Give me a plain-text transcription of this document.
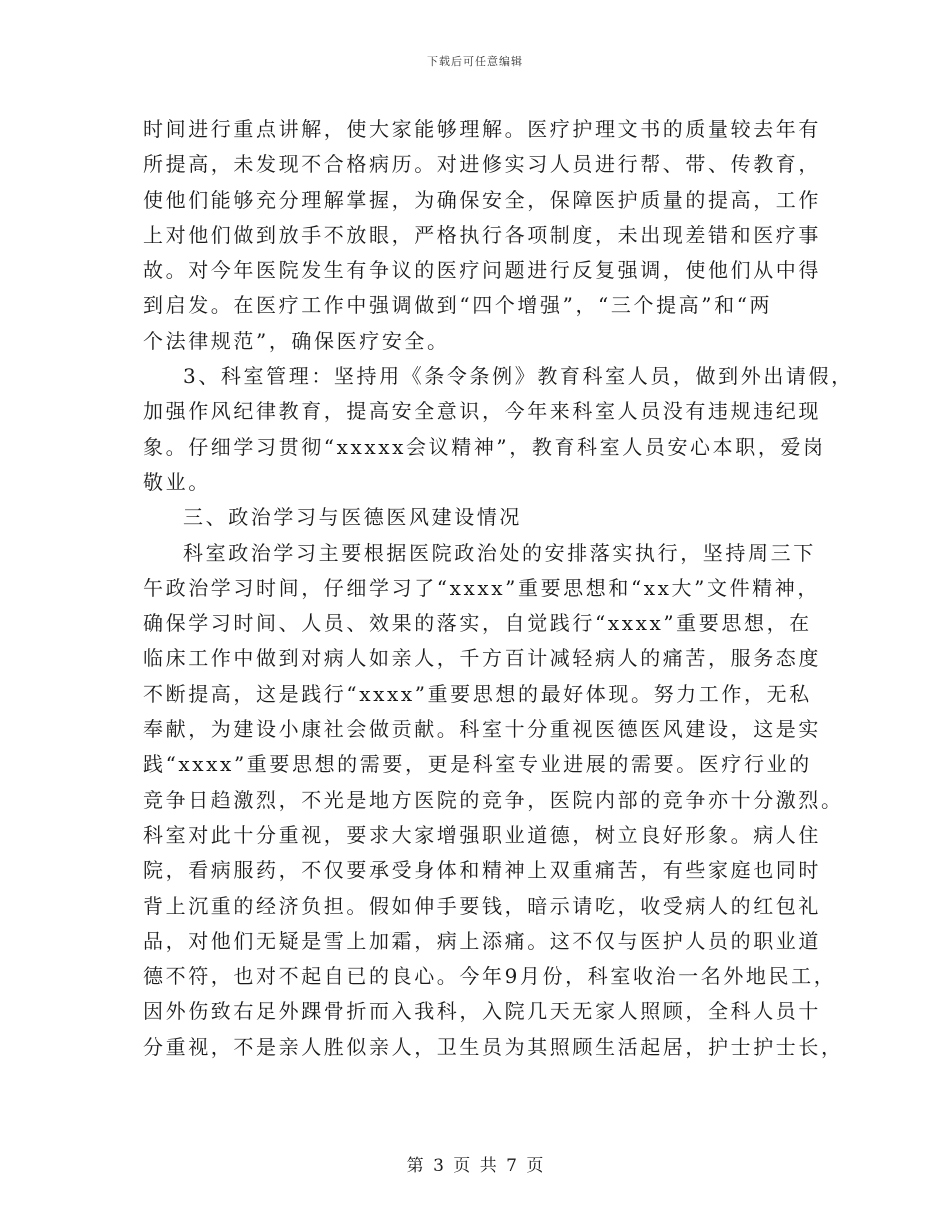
下载后可任意编辑
时间进行重点讲解，使大家能够理解。医疗护理文书的质量较去年有
所提高，未发现不合格病历。对进修实习人员进行帮、带、传教育，
使他们能够充分理解掌握，为确保安全，保障医护质量的提高，工作
上对他们做到放手不放眼，严格执行各项制度，未出现差错和医疗事
故。对今年医院发生有争议的医疗问题进行反复强调，使他们从中得
到启发。在医疗工作中强调做到“四个增强”，“三个提高”和“两
个法律规范”，确保医疗安全。
3、科室管理：坚持用《条令条例》教育科室人员，做到外出请假，
加强作风纪律教育，提高安全意识，今年来科室人员没有违规违纪现
象。仔细学习贯彻“xxxxx会议精神”，教育科室人员安心本职，爱岗
敬业。
三、政治学习与医德医风建设情况
科室政治学习主要根据医院政治处的安排落实执行，坚持周三下
午政治学习时间，仔细学习了“xxxx”重要思想和“xx大”文件精神，
确保学习时间、人员、效果的落实，自觉践行“xxxx”重要思想，在
临床工作中做到对病人如亲人，千方百计减轻病人的痛苦，服务态度
不断提高，这是践行“xxxx”重要思想的最好体现。努力工作，无私
奉献，为建设小康社会做贡献。科室十分重视医德医风建设，这是实
践“xxxx”重要思想的需要，更是科室专业进展的需要。医疗行业的
竞争日趋激烈，不光是地方医院的竞争，医院内部的竞争亦十分激烈。
科室对此十分重视，要求大家增强职业道德，树立良好形象。病人住
院，看病服药，不仅要承受身体和精神上双重痛苦，有些家庭也同时
背上沉重的经济负担。假如伸手要钱，暗示请吃，收受病人的红包礼
品，对他们无疑是雪上加霜，病上添痛。这不仅与医护人员的职业道
德不符，也对不起自已的良心。今年9月份，科室收治一名外地民工，
因外伤致右足外踝骨折而入我科，入院几天无家人照顾，全科人员十
分重视，不是亲人胜似亲人，卫生员为其照顾生活起居，护士护士长，
第 3 页 共 7 页
